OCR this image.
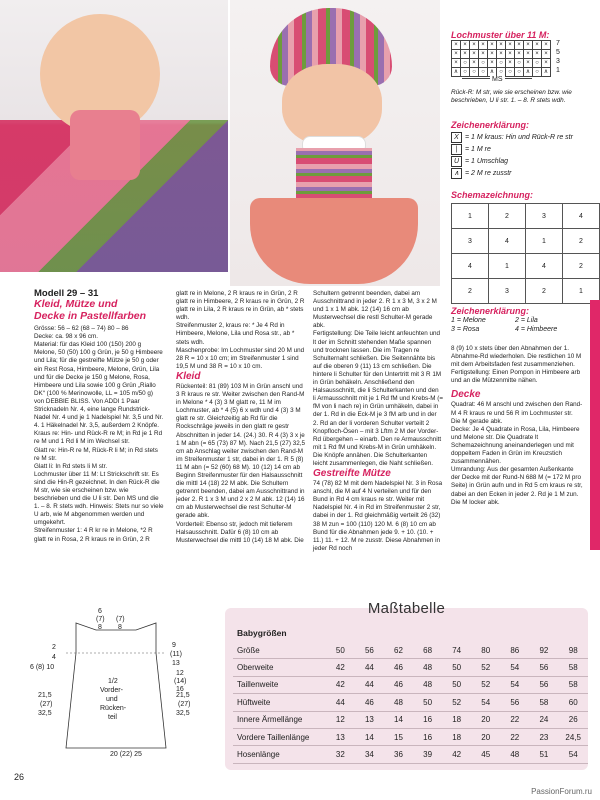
Lochmuster über 11 M:
× × × × × × × × × × ×	7
× × × × × × × × × × ×	5
× ○ × ○ × ○ × ○ × ○ ×	3
∧ ○ ○ ○ ∧ ○ ○ ○ ∧ ○ ∧	1
MS
Rück-R: M str, wie sie erscheinen bzw. wie beschrieben, U li str. 1. – 8. R stets wdh.
Zeichenerklärung:
X = 1 M kraus: Hin und Rück-R re str
|	= 1 M re
U = 1 Umschlag
∧ = 2 M re zusstr
Schemazeichnung:
1	2	3	4
3	4	1	2
4	1	4	2
2	3	2	1
Zeichenerklärung:
1 = Melone	2 = Lila
3 = Rosa	4 = Himbeere

Modell 29 – 31

Kleid, Mütze und

Decke in Pastellfarben

Grösse: 56 – 62 (68 – 74) 80 – 86

Decke: ca. 98 x 96 cm.

Material: für das Kleid 100 (150) 200 g Melone, 50 (50) 100 g Grün, je 50 g Himbeere und Lila; für die gestreifte Mütze je 50 g oder ein Rest Rosa, Himbeere, Melone, Grün, Lila und für die Decke je 150 g Melone, Rosa, Himbeere und Lila sowie 100 g Grün „Riallo DK“ (100 % Merinowolle, LL = 105 m/50 g) von DEBBIE BLISS. Von ADDI 1 Paar Stricknadeln Nr. 4, eine lange Rundstrick-Nadel Nr. 4 und je 1 Nadelspiel Nr. 3,5 und Nr. 4. 1 Häkelnadel Nr. 3,5, außerdem 2 Knöpfe.

Kraus re: Hin- und Rück-R re M; in Rd je 1 Rd re M und 1 Rd li M im Wechsel str.

Glatt re: Hin-R re M, Rück-R li M; in Rd stets re M str.

Glatt li: In Rd stets li M str.

Lochmuster über 11 M: Lt Strickschrift str. Es sind die Hin-R gezeichnet. In den Rück-R die M str, wie sie erscheinen bzw. wie beschrieben und die U li str. Den MS und die 1. – 8. R stets wdh. Hinweis: Stets nur so viele U arb, wie M abgenommen werden und umgekehrt.

Streifenmuster 1: 4 R kr re in Melone, *2 R glatt re in Rosa, 2 R kraus re in Grün, 2 R

glatt re in Melone, 2 R kraus re in Grün, 2 R glatt re in Himbeere, 2 R kraus re in Grün, 2 R glatt re in Lila, 2 R kraus re in Grün, ab * stets wdh.

Streifenmuster 2, kraus re: * Je 4 Rd in Himbeere, Melone, Lila und Rosa str., ab * stets wdh.

Maschenprobe: Im Lochmuster sind 20 M und 28 R = 10 x 10 cm; im Streifenmuster 1 sind 19,5 M und 38 R = 10 x 10 cm.

Kleid

Rückenteil: 81 (89) 103 M in Grün anschl und 3 R kraus re str. Weiter zwischen den Rand-M in Melone * 4 (3) 3 M glatt re, 11 M im Lochmuster, ab * 4 (5) 6 x wdh und 4 (3) 3 M glatt re str. Gleichzeitig ab Rd für die Rockschräge jeweils in den glatt re gestr Abschnitten in jeder 14. (24.) 30. R 4 (3) 3 x je 1 M abn (= 65 (73) 87 M). Nach 21,5 (27) 32,5 cm ab Anschlag weiter zwischen den Rand-M im Streifenmuster 1 str, dabei in der 1. R 5 (8) 11 M abn (= 52 (60) 68 M). 10 (12) 14 cm ab Beginn Streifenmuster für den Halsausschnitt die mittl 14 (18) 22 M abk. Die Schultern getrennt beenden, dabei am Ausschnittrand in jeder 2. R 1 x 3 M und 2 x 2 M abk. 12 (14) 16 cm ab Musterwechsel die rest Schulter-M gerade abk.

Vorderteil: Ebenso str, jedoch mit tieferem Halsausschnitt. Dafür 6 (8) 10 cm ab Musterwechsel die mittl 10 (14) 18 M abk. Die

Schultern getrennt beenden, dabei am Ausschnittrand in jeder 2. R 1 x 3 M, 3 x 2 M und 1 x 1 M abk. 12 (14) 16 cm ab Musterwechsel die restl Schulter-M gerade abk.

Fertigstellung: Die Teile leicht anfeuchten und lt der im Schnitt stehenden Maße spannen und trocknen lassen. Die im Tragen re Schulternaht schließen. Die Seitennähte bis auf die oberen 9 (11) 13 cm schließen. Die hintere li Schulter für den Untertritt mit 3 R 1M in Grün behäkeln. Anschließend den Halsausschnitt, die li Schulterkanten und den li Armausschnitt mit je 1 Rd fM und Krebs-M (= fM von li nach re) in Grün umhäkeln, dabei in der 1. Rd in die Eck-M je 3 fM arb und in der 2. Rd an der li vorderen Schulter verteilt 2 Knopfloch-Ösen – mit 3 Lftm 2 M der Vorder-Rd übergehen – einarb. Den re Armausschnitt mit 1 Rd fM und Krebs-M in Grün umhäkeln. Die Knöpfe annähen. Die Schulterkanten leicht zusammenlegen, die Naht schließen.

Gestreifte Mütze

74 (78) 82 M mit dem Nadelspiel Nr. 3 in Rosa anschl, die M auf 4 N verteilen und für den Bund in Rd 4 cm kraus re str. Weiter mit Nadelspiel Nr. 4 in Rd im Streifenmuster 2 str, dabei in der 1. Rd gleichmäßig verteilt 26 (32) 38 M zun = 100 (110) 120 M. 6 (8) 10 cm ab Bund für die Abnahmen jede 9. + 10. (10. + 11.) 11. + 12. M re zusstr. Diese Abnahmen in jeder Rd noch

8 (9) 10 x stets über den Abnahmen der 1. Abnahme-Rd wiederholen. Die restlichen 10 M mit dem Arbeitsfaden fest zusammenziehen.

Fertigstellung: Einen Pompon in Himbeere arb und an die Mützenmitte nähen.

Decke

Quadrat: 46 M anschl und zwischen den Rand-M 4 R kraus re und 56 R im Lochmuster str. Die M gerade abk.

Decke: Je 4 Quadrate in Rosa, Lila, Himbeere und Melone str. Die Quadrate lt Schemazeichnung aneinanderlegen und mit doppeltem Faden in Grün im Kreuzstich zusammennähen.

Umrandung: Aus der gesamten Außenkante der Decke mit der Rund-N 688 M (= 172 M pro Seite) in Grün aufn und in Rd 5 cm kraus re str, dabei an den Ecken in jeder 2. Rd je 1 M zun. Die M locker abk.

6
(7)
8
(7)
8
9
2
4	(11)
13
6 (8) 10
1/2
Vorder-
und
Rücken-
teil
21,5
(27)
32,5
21,5
(27)
32,5
12
(14)
16
20 (22) 25
Maßtabelle
Babygrößen
Größe	50	56	62	68	74	80	86	92	98
Oberweite	42	44	46	48	50	52	54	56	58
Taillenweite	42	44	46	48	50	52	54	56	58
Hüftweite	44	46	48	50	52	54	56	58	60
Innere Ärmellänge	12	13	14	16	18	20	22	24	26
Vordere Taillenlänge	13	14	15	16	18	20	22	23	24,5
Hosenlänge	32	34	36	39	42	45	48	51	54
26
PassionForum.ru
